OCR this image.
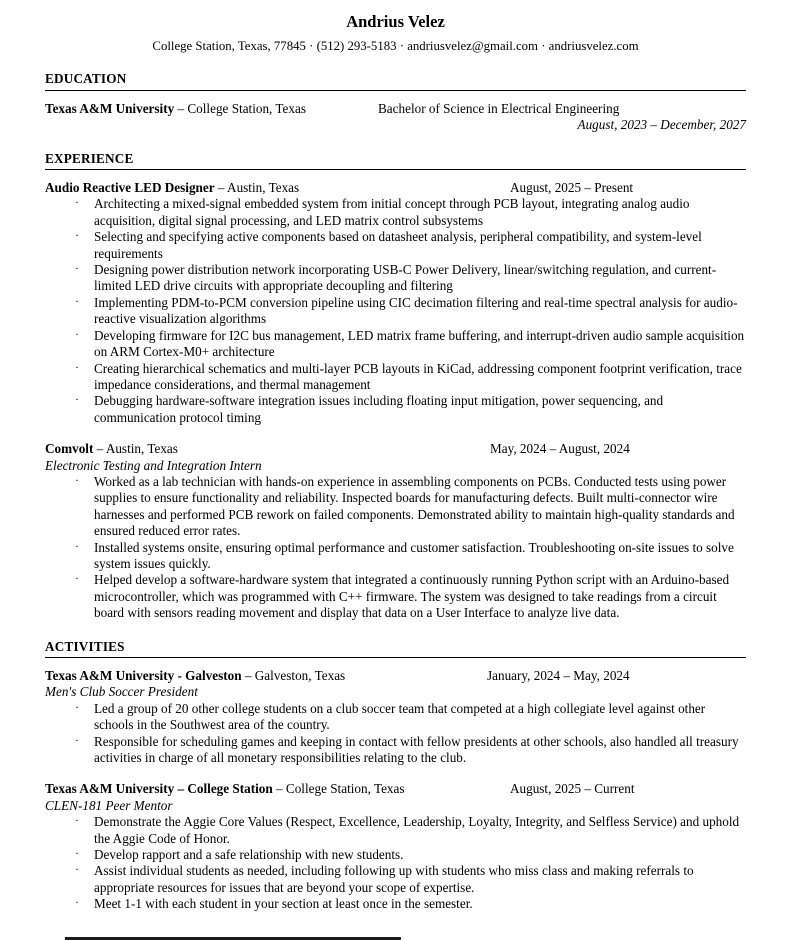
Andrius Velez
College Station, Texas, 77845 · (512) 293-5183 · andriusvelez@gmail.com · andriusvelez.com
EDUCATION
Texas A&M University – College Station, Texas	Bachelor of Science in Electrical Engineering
August, 2023 – December, 2027
EXPERIENCE
Audio Reactive LED Designer – Austin, Texas	August, 2025 – Present
· Architecting a mixed-signal embedded system from initial concept through PCB layout, integrating analog audio acquisition, digital signal processing, and LED matrix control subsystems
· Selecting and specifying active components based on datasheet analysis, peripheral compatibility, and system-level requirements
· Designing power distribution network incorporating USB-C Power Delivery, linear/switching regulation, and current-limited LED drive circuits with appropriate decoupling and filtering
· Implementing PDM-to-PCM conversion pipeline using CIC decimation filtering and real-time spectral analysis for audio-reactive visualization algorithms
· Developing firmware for I2C bus management, LED matrix frame buffering, and interrupt-driven audio sample acquisition on ARM Cortex-M0+ architecture
· Creating hierarchical schematics and multi-layer PCB layouts in KiCad, addressing component footprint verification, trace impedance considerations, and thermal management
· Debugging hardware-software integration issues including floating input mitigation, power sequencing, and communication protocol timing
Comvolt – Austin, Texas	May, 2024 – August, 2024
Electronic Testing and Integration Intern
· Worked as a lab technician with hands-on experience in assembling components on PCBs. Conducted tests using power supplies to ensure functionality and reliability. Inspected boards for manufacturing defects. Built multi-connector wire harnesses and performed PCB rework on failed components. Demonstrated ability to maintain high-quality standards and ensured reduced error rates.
· Installed systems onsite, ensuring optimal performance and customer satisfaction. Troubleshooting on-site issues to solve system issues quickly.
· Helped develop a software-hardware system that integrated a continuously running Python script with an Arduino-based microcontroller, which was programmed with C++ firmware. The system was designed to take readings from a circuit board with sensors reading movement and display that data on a User Interface to analyze live data.
ACTIVITIES
Texas A&M University - Galveston – Galveston, Texas	January, 2024 – May, 2024
Men's Club Soccer President
· Led a group of 20 other college students on a club soccer team that competed at a high collegiate level against other schools in the Southwest area of the country.
· Responsible for scheduling games and keeping in contact with fellow presidents at other schools, also handled all treasury activities in charge of all monetary responsibilities relating to the club.
Texas A&M University – College Station – College Station, Texas	August, 2025 – Current
CLEN-181 Peer Mentor
· Demonstrate the Aggie Core Values (Respect, Excellence, Leadership, Loyalty, Integrity, and Selfless Service) and uphold the Aggie Code of Honor.
· Develop rapport and a safe relationship with new students.
· Assist individual students as needed, including following up with students who miss class and making referrals to appropriate resources for issues that are beyond your scope of expertise.
· Meet 1-1 with each student in your section at least once in the semester.
